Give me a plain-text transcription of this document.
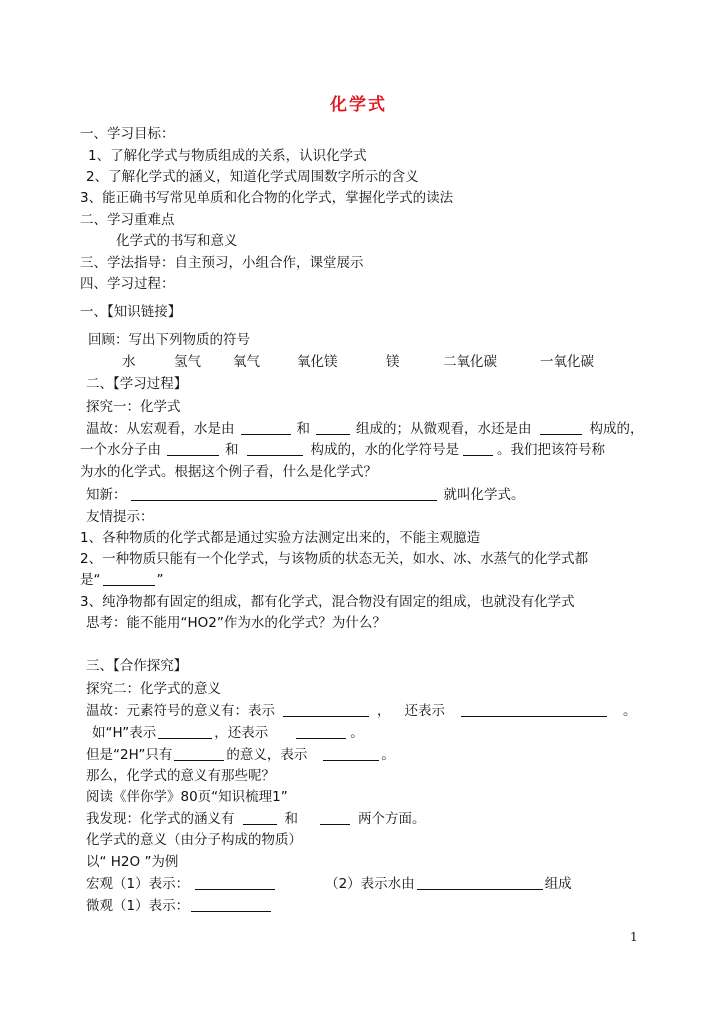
化学式
一、学习目标：
1、了解化学式与物质组成的关系，认识化学式
2、了解化学式的涵义，知道化学式周围数字所示的含义
3、能正确书写常见单质和化合物的化学式，掌握化学式的读法
二、学习重难点
化学式的书写和意义
三、学法指导：自主预习，小组合作，课堂展示
四、学习过程：
一、【知识链接】
回顾：写出下列物质的符号
水	氢气 氧气	氧化镁	镁	二氧化碳	一氧化碳
二、【学习过程】
探究一：化学式
温故：从宏观看，水是由	和	组成的；从微观看，水还是由	构成的，
一个水分子由	和	构成的，水的化学符号是	。我们把该符号称
为水的化学式。根据这个例子看，什么是化学式？
知新：	就叫化学式。
友情提示：
1、各种物质的化学式都是通过实验方法测定出来的，不能主观臆造
2、一种物质只能有一个化学式，与该物质的状态无关，如水、冰、水蒸气的化学式都
是“	”
3、纯净物都有固定的组成，都有化学式，混合物没有固定的组成，也就没有化学式
思考：能不能用“HO2”作为水的化学式？为什么？
三、【合作探究】
探究二：化学式的意义
温故：元素符号的意义有：表示	， 还表示	。
如“H”表示	，还表示	。
但是“2H”只有	的意义，表示	。
那么，化学式的意义有那些呢？
阅读《伴你学》80页“知识梳理1”
我发现：化学式的涵义有	和	两个方面。
化学式的意义（由分子构成的物质）
以“ H2O ”为例
宏观（1）表示：	（2）表示水由	组成
微观（1）表示：
1
